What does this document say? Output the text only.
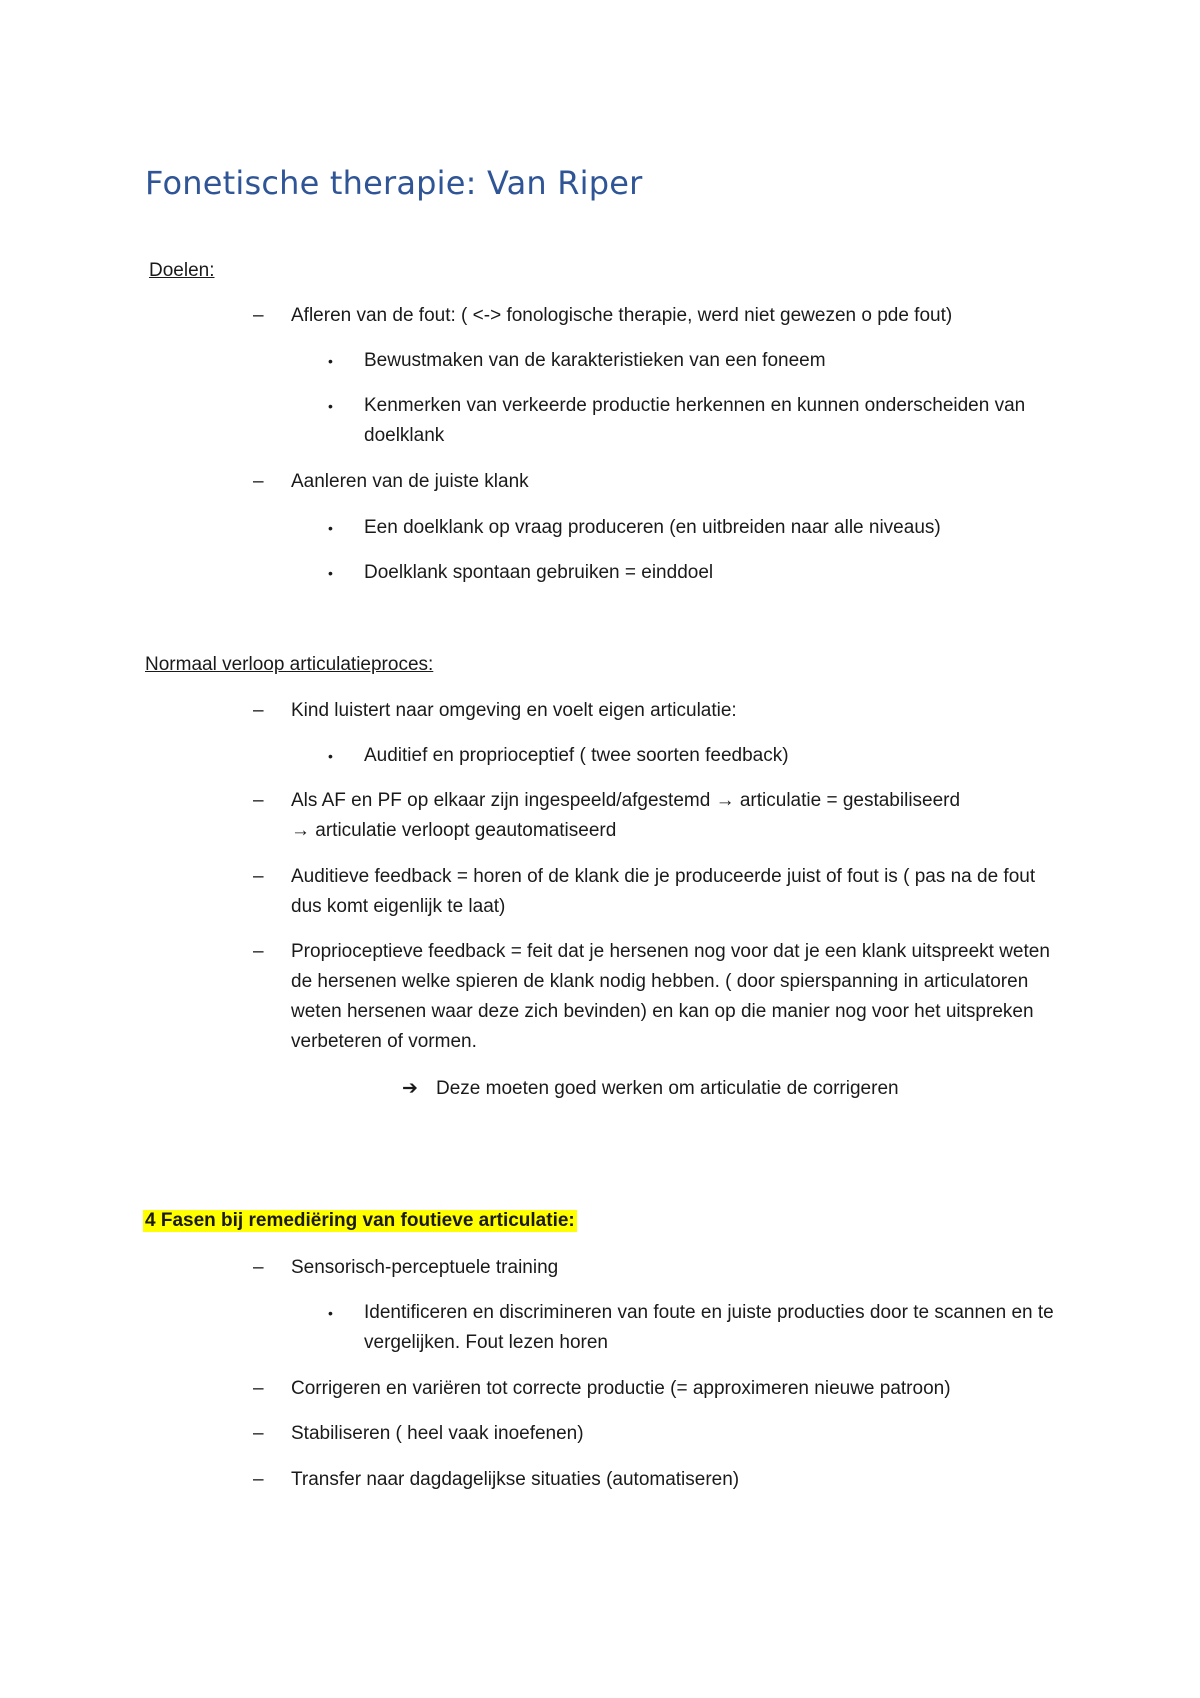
Fonetische therapie: Van Riper
Doelen:
– Afleren van de fout: ( <-> fonologische therapie, werd niet gewezen o pde fout)
• Bewustmaken van de karakteristieken van een foneem
• Kenmerken van verkeerde productie herkennen en kunnen onderscheiden van doelklank
– Aanleren van de juiste klank
• Een doelklank op vraag produceren (en uitbreiden naar alle niveaus)
• Doelklank spontaan gebruiken = einddoel
Normaal verloop articulatieproces:
– Kind luistert naar omgeving en voelt eigen articulatie:
• Auditief en proprioceptief ( twee soorten feedback)
– Als AF en PF op elkaar zijn ingespeeld/afgestemd → articulatie = gestabiliseerd
→ articulatie verloopt geautomatiseerd
– Auditieve feedback = horen of de klank die je produceerde juist of fout is ( pas na de fout dus komt eigenlijk te laat)
– Proprioceptieve feedback = feit dat je hersenen nog voor dat je een klank uitspreekt weten de hersenen welke spieren de klank nodig hebben. ( door spierspanning in articulatoren weten hersenen waar deze zich bevinden) en kan op die manier nog voor het uitspreken verbeteren of vormen.
➔ Deze moeten goed werken om articulatie de corrigeren
4 Fasen bij remediëring van foutieve articulatie:
– Sensorisch-perceptuele training
• Identificeren en discrimineren van foute en juiste producties door te scannen en te vergelijken. Fout lezen horen
– Corrigeren en variëren tot correcte productie (= approximeren nieuwe patroon)
– Stabiliseren ( heel vaak inoefenen)
– Transfer naar dagdagelijkse situaties (automatiseren)
